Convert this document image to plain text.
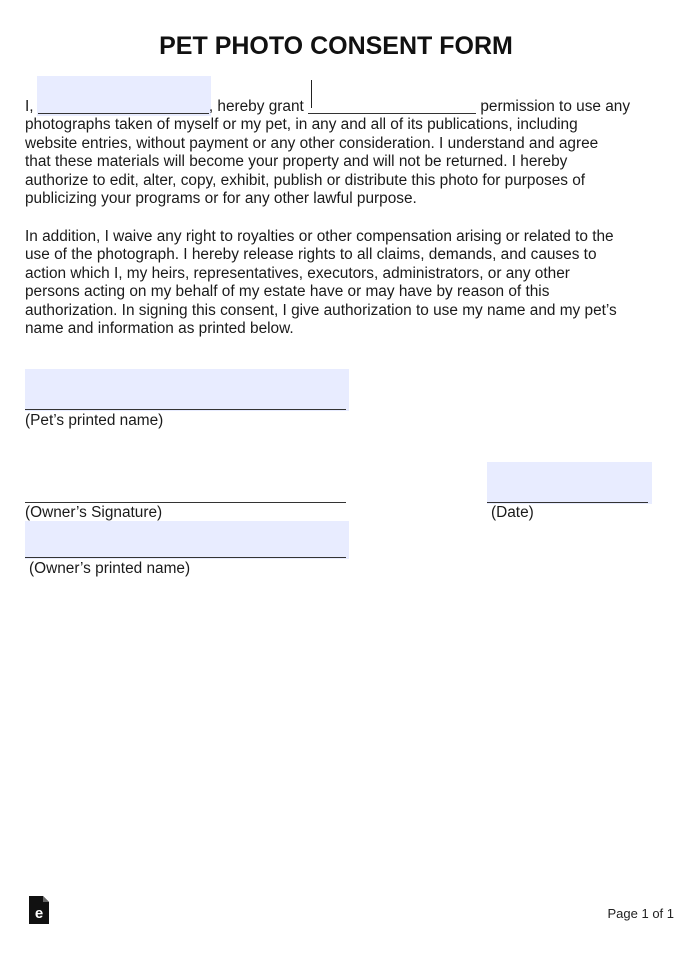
PET PHOTO CONSENT FORM
I,	, hereby grant	permission to use any
photographs taken of myself or my pet, in any and all of its publications, including
website entries, without payment or any other consideration. I understand and agree
that these materials will become your property and will not be returned. I hereby
authorize to edit, alter, copy, exhibit, publish or distribute this photo for purposes of
publicizing your programs or for any other lawful purpose.
In addition, I waive any right to royalties or other compensation arising or related to the
use of the photograph. I hereby release rights to all claims, demands, and causes to
action which I, my heirs, representatives, executors, administrators, or any other
persons acting on my behalf of my estate have or may have by reason of this
authorization. In signing this consent, I give authorization to use my name and my pet’s
name and information as printed below.
(Pet’s printed name)
(Owner’s Signature)	(Date)
(Owner’s printed name)
e	Page 1 of 1
